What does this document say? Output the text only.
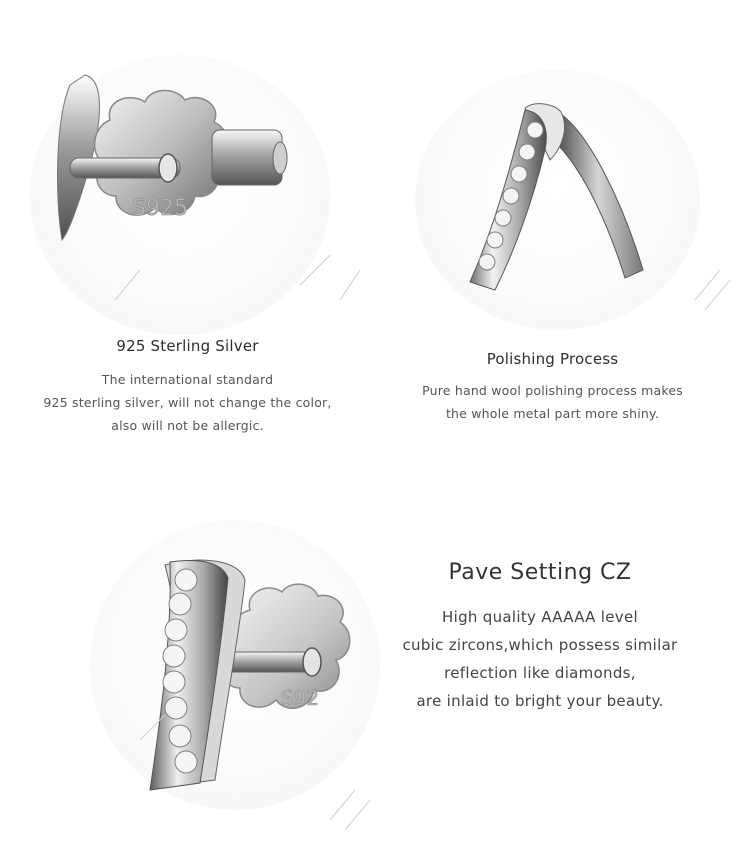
S925
925 Sterling Silver
The international standard
925 sterling silver, will not change the color,
also will not be allergic.
Polishing Process
Pure hand wool polishing process makes
the whole metal part more shiny.
S92
Pave Setting CZ
High quality AAAAA level
cubic zircons,which possess similar
reflection like diamonds,
are inlaid to bright your beauty.
